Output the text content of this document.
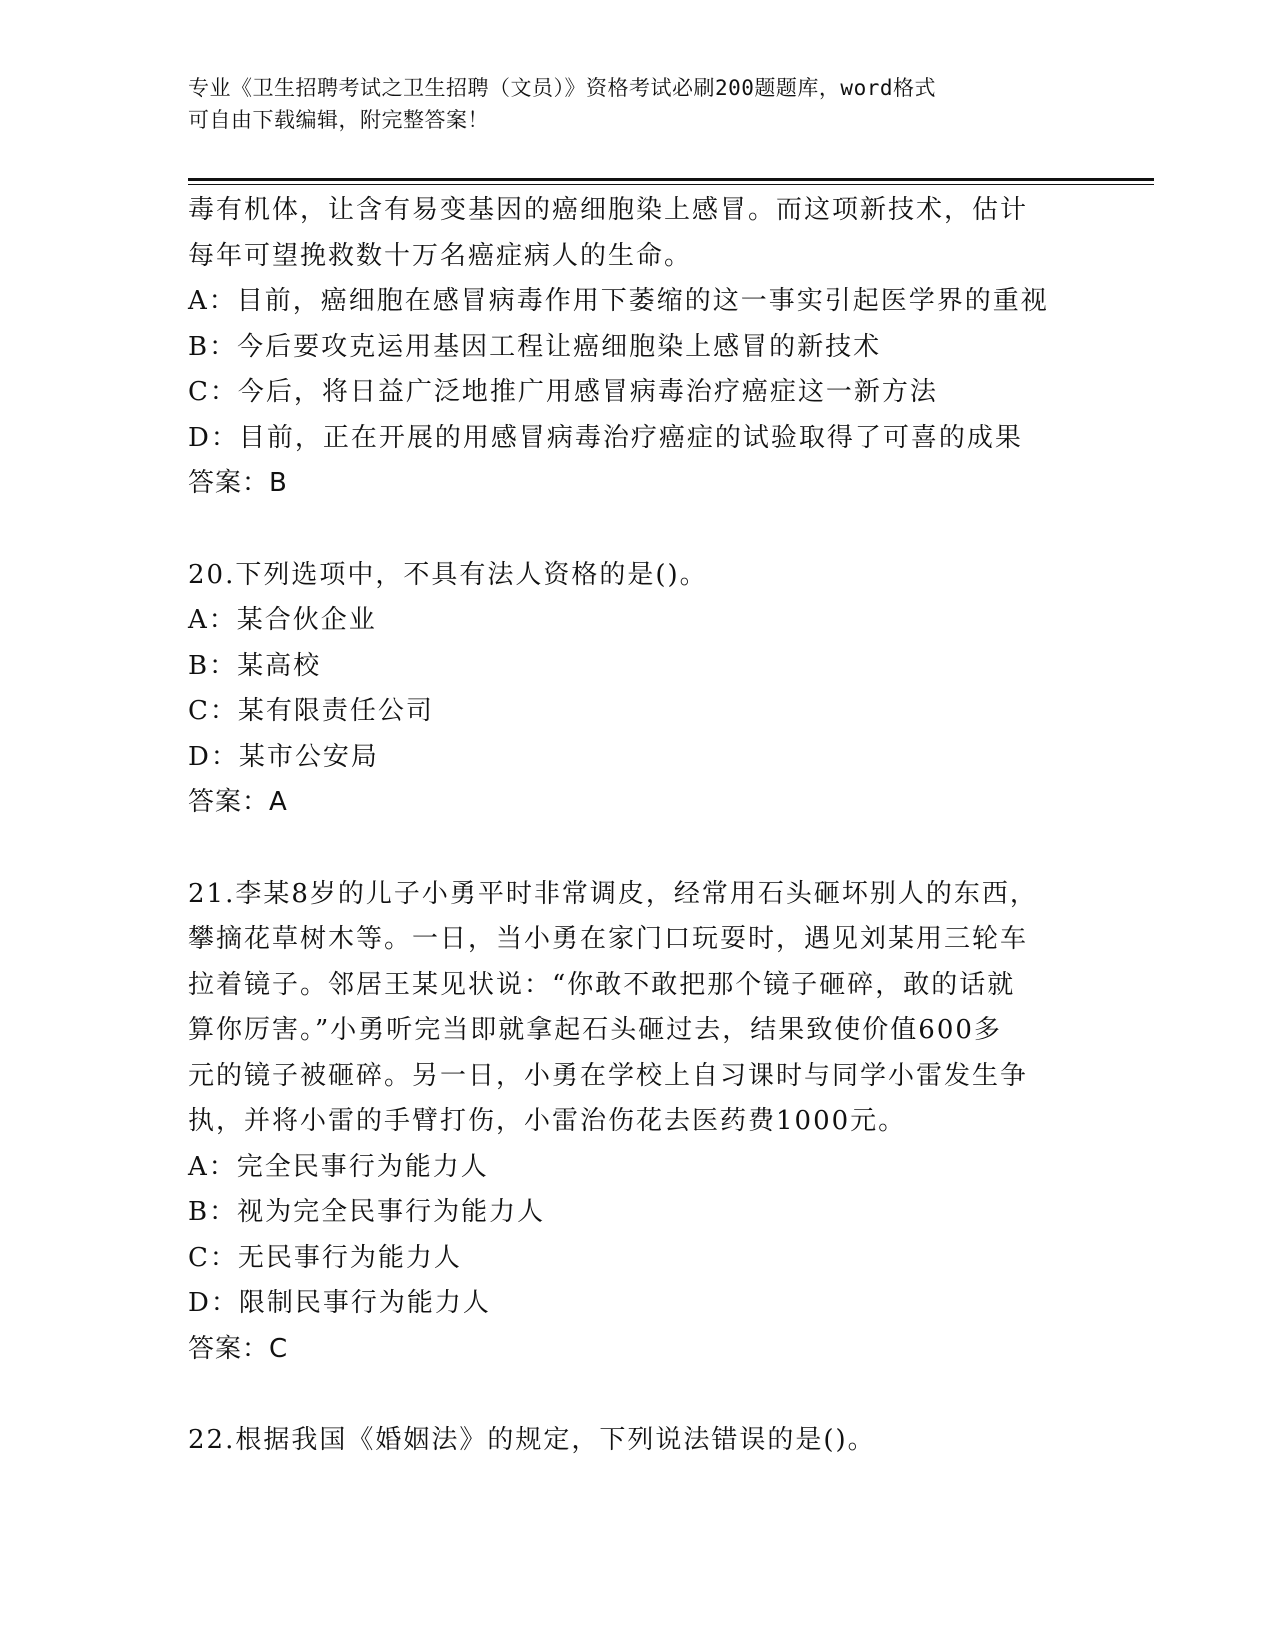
专业《卫生招聘考试之卫生招聘（文员）》资格考试必刷200题题库，word格式
可自由下载编辑，附完整答案！

毒有机体，让含有易变基因的癌细胞染上感冒。而这项新技术，估计

每年可望挽救数十万名癌症病人的生命。

A：目前，癌细胞在感冒病毒作用下萎缩的这一事实引起医学界的重视

B：今后要攻克运用基因工程让癌细胞染上感冒的新技术

C：今后，将日益广泛地推广用感冒病毒治疗癌症这一新方法

D：目前，正在开展的用感冒病毒治疗癌症的试验取得了可喜的成果

答案：B

20.下列选项中，不具有法人资格的是()。

A：某合伙企业

B：某高校

C：某有限责任公司

D：某市公安局

答案：A

21.李某8岁的儿子小勇平时非常调皮，经常用石头砸坏别人的东西，

攀摘花草树木等。一日，当小勇在家门口玩耍时，遇见刘某用三轮车

拉着镜子。邻居王某见状说：“你敢不敢把那个镜子砸碎，敢的话就

算你厉害。”小勇听完当即就拿起石头砸过去，结果致使价值600多

元的镜子被砸碎。另一日，小勇在学校上自习课时与同学小雷发生争

执，并将小雷的手臂打伤，小雷治伤花去医药费1000元。

A：完全民事行为能力人

B：视为完全民事行为能力人

C：无民事行为能力人

D：限制民事行为能力人

答案：C

22.根据我国《婚姻法》的规定，下列说法错误的是()。
